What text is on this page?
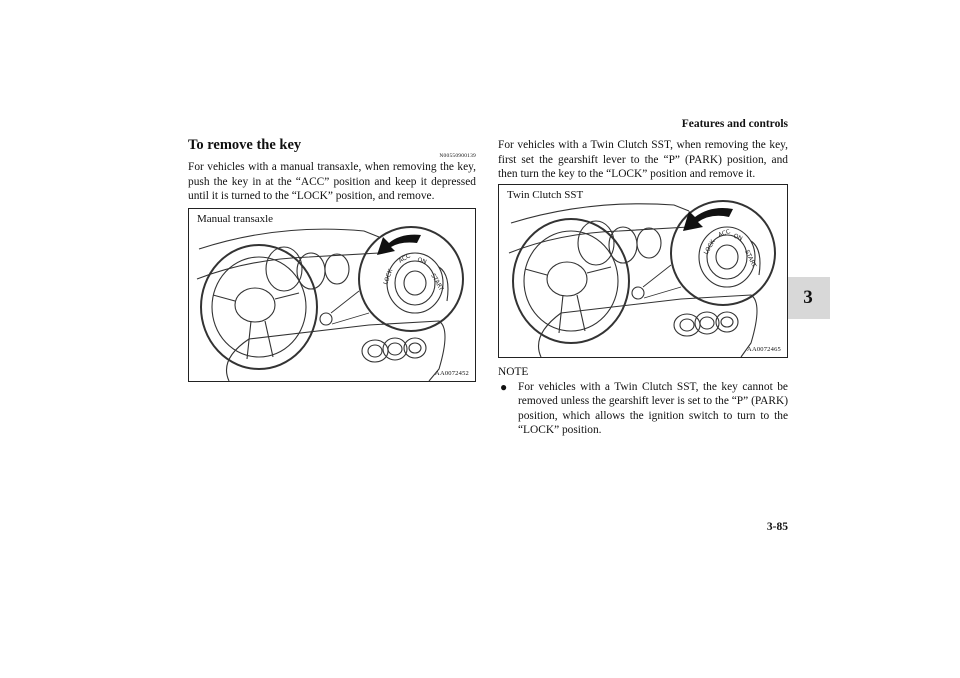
Features and controls
3
To remove the key
N00550900139

For vehicles with a manual transaxle, when removing the key, push the key in at the “ACC” position and keep it depressed until it is turned to the “LOCK” position, and remove.

LOCK
ACC ON
START
Manual transaxle
AA0072452

For vehicles with a Twin Clutch SST, when removing the key, first set the gearshift lever to the “P” (PARK) position, and then turn the key to the “LOCK” position and remove it.

LOCK
ACC ON
START
Twin Clutch SST
AA0072465

NOTE

● For vehicles with a Twin Clutch SST, the key cannot be removed unless the gearshift lever is set to the “P” (PARK) position, which allows the ignition switch to turn to the “LOCK” position.
3-85
